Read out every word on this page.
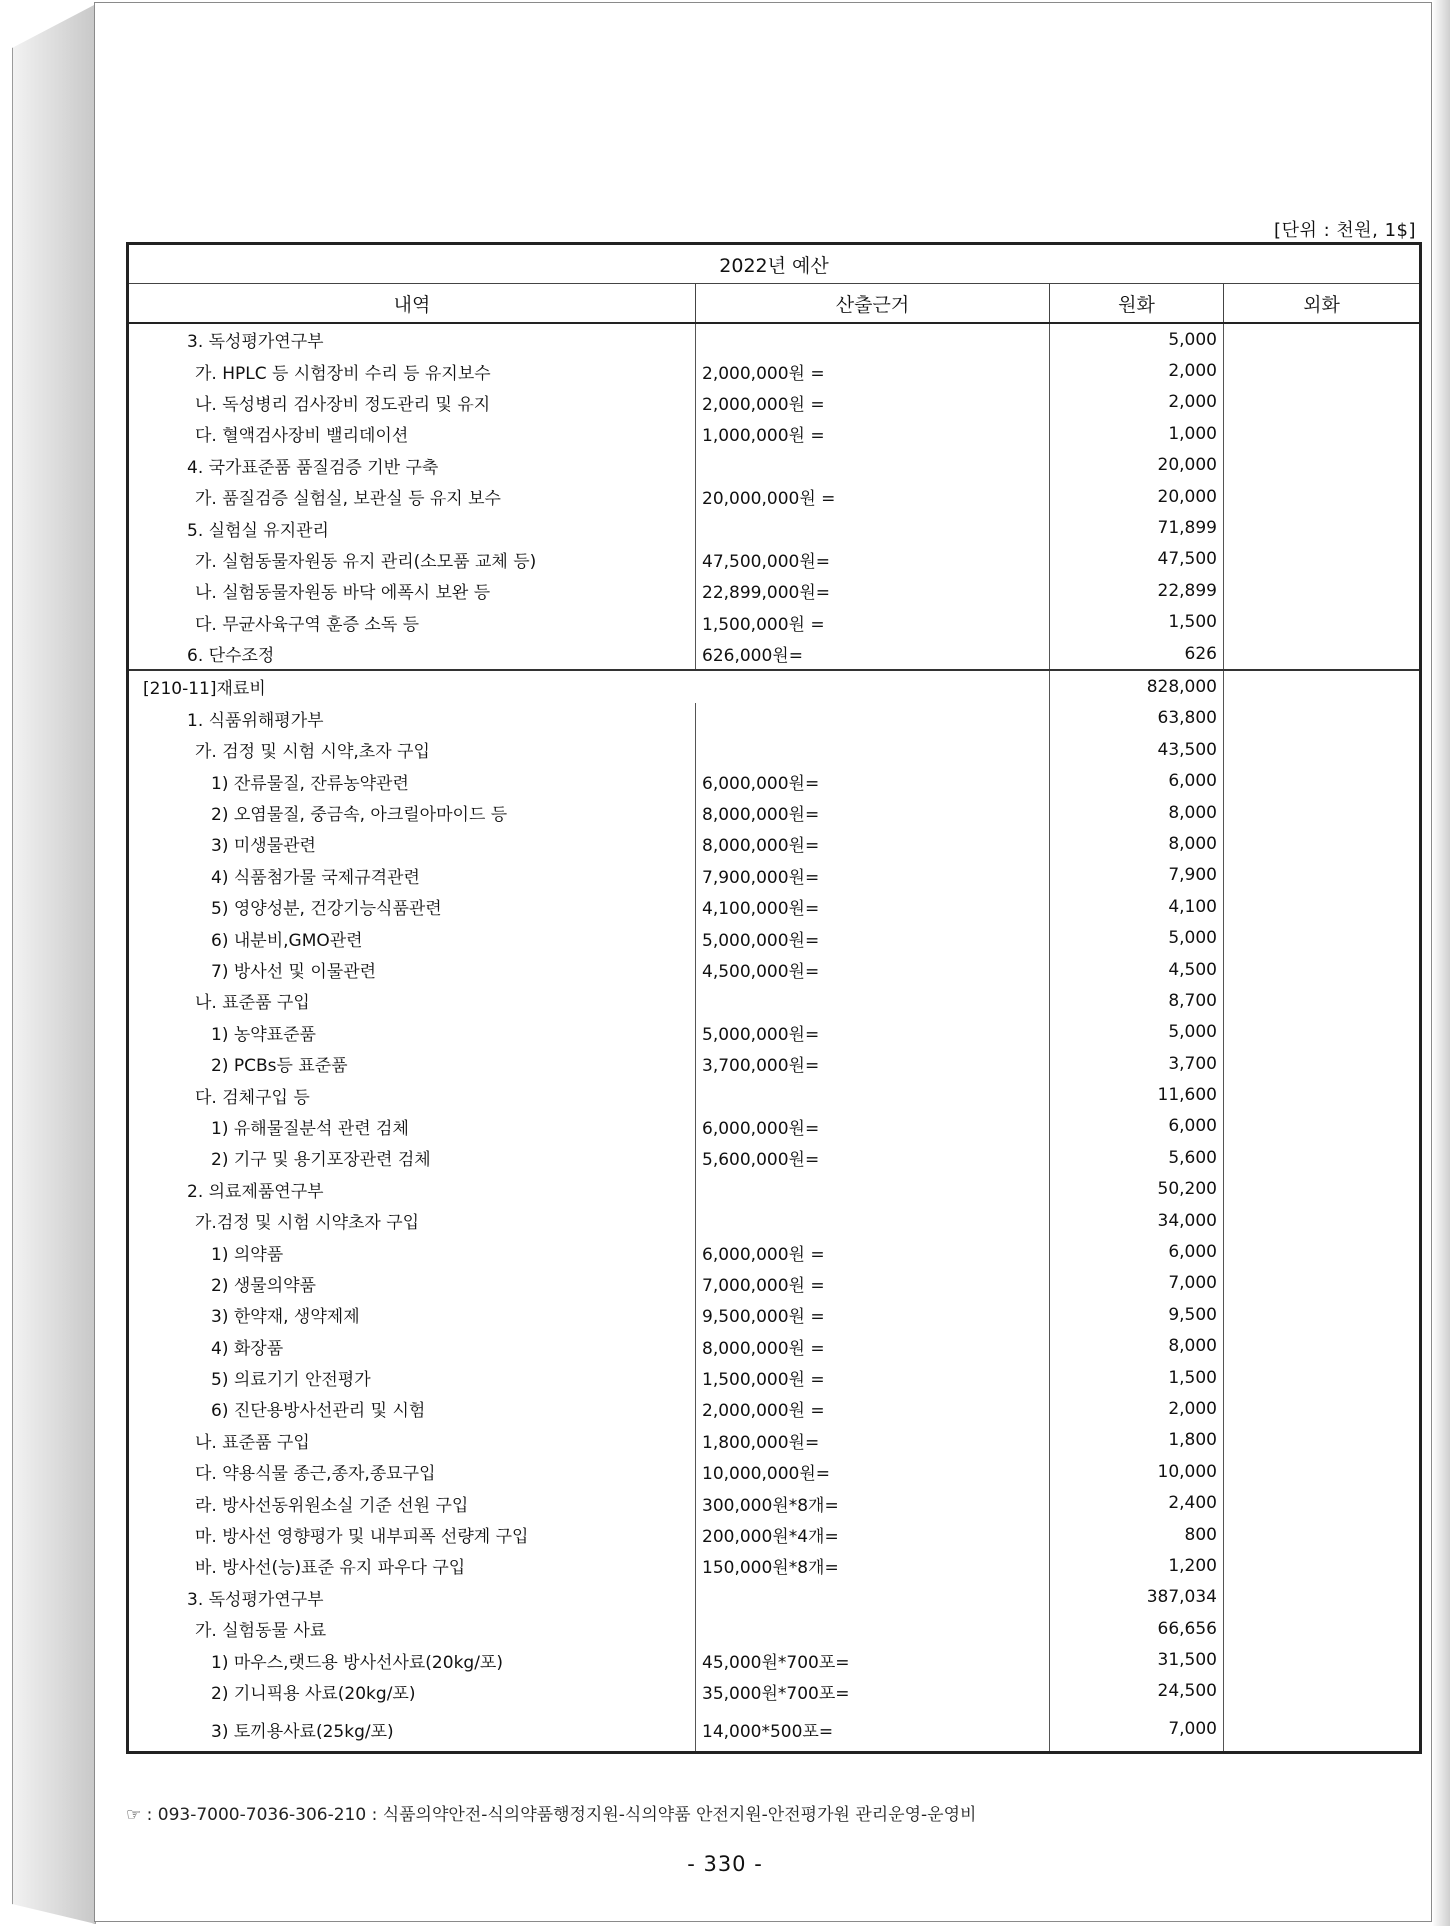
[단위 : 천원, 1$]
2022년 예산			
내역	산출근거	원화	외화
3. 독성평가연구부		5,000	
가. HPLC 등 시험장비 수리 등 유지보수	2,000,000원 =	2,000	
나. 독성병리 검사장비 정도관리 및 유지	2,000,000원 =	2,000	
다. 혈액검사장비 밸리데이션	1,000,000원 =	1,000	
4. 국가표준품 품질검증 기반 구축		20,000	
가. 품질검증 실험실, 보관실 등 유지 보수	20,000,000원 =	20,000	
5. 실험실 유지관리		71,899	
가. 실험동물자원동 유지 관리(소모품 교체 등)	47,500,000원=	47,500	
나. 실험동물자원동 바닥 에폭시 보완 등	22,899,000원=	22,899	
다. 무균사육구역 훈증 소독 등	1,500,000원 =	1,500	
6. 단수조정	626,000원=	626	
[210-11]재료비		828,000	
1. 식품위해평가부		63,800	
가. 검정 및 시험 시약,초자 구입		43,500	
1) 잔류물질, 잔류농약관련	6,000,000원=	6,000	
2) 오염물질, 중금속, 아크릴아마이드 등	8,000,000원=	8,000	
3) 미생물관련	8,000,000원=	8,000	
4) 식품첨가물 국제규격관련	7,900,000원=	7,900	
5) 영양성분, 건강기능식품관련	4,100,000원=	4,100	
6) 내분비,GMO관련	5,000,000원=	5,000	
7) 방사선 및 이물관련	4,500,000원=	4,500	
나. 표준품 구입		8,700	
1) 농약표준품	5,000,000원=	5,000	
2) PCBs등 표준품	3,700,000원=	3,700	
다. 검체구입 등		11,600	
1) 유해물질분석 관련 검체	6,000,000원=	6,000	
2) 기구 및 용기포장관련 검체	5,600,000원=	5,600	
2. 의료제품연구부		50,200	
가.검정 및 시험 시약초자 구입		34,000	
1) 의약품	6,000,000원 =	6,000	
2) 생물의약품	7,000,000원 =	7,000	
3) 한약재, 생약제제	9,500,000원 =	9,500	
4) 화장품	8,000,000원 =	8,000	
5) 의료기기 안전평가	1,500,000원 =	1,500	
6) 진단용방사선관리 및 시험	2,000,000원 =	2,000	
나. 표준품 구입	1,800,000원=	1,800	
다. 약용식물 종근,종자,종묘구입	10,000,000원=	10,000	
라. 방사선동위원소실 기준 선원 구입	300,000원*8개=	2,400	
마. 방사선 영향평가 및 내부피폭 선량계 구입	200,000원*4개=	800	
바. 방사선(능)표준 유지 파우다 구입	150,000원*8개=	1,200	
3. 독성평가연구부		387,034	
가. 실험동물 사료		66,656	
1) 마우스,랫드용 방사선사료(20kg/포)	45,000원*700포=	31,500	
2) 기니픽용 사료(20kg/포)	35,000원*700포=	24,500	
3) 토끼용사료(25kg/포)	14,000*500포=	7,000	
☞ : 093-7000-7036-306-210 : 식품의약안전-식의약품행정지원-식의약품 안전지원-안전평가원 관리운영-운영비
- 330 -
